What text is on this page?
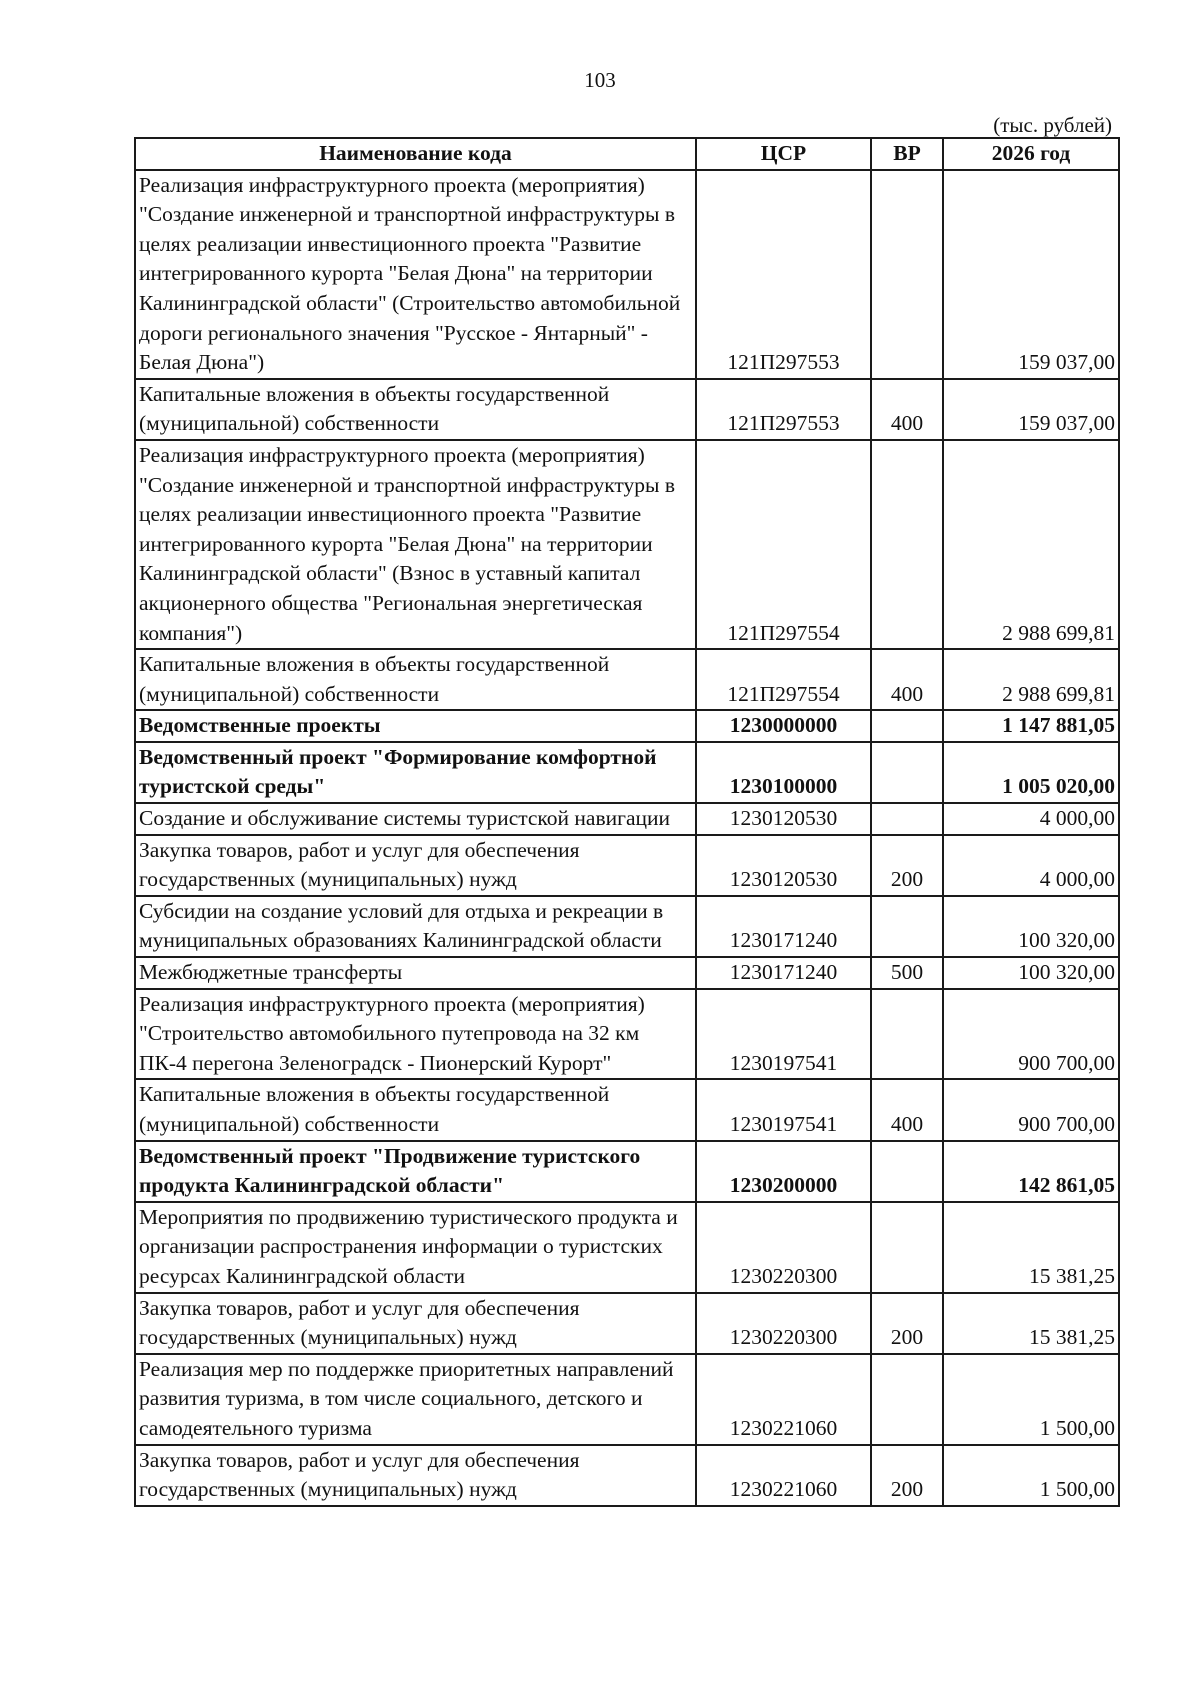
103
(тыс. рублей)
Наименование кода	ЦСР	ВР	2026 год
Реализация инфраструктурного проекта (мероприятия) "Создание инженерной и транспортной инфраструктуры в целях реализации инвестиционного проекта "Развитие интегрированного курорта "Белая Дюна" на территории Калининградской области" (Строительство автомобильной дороги регионального значения "Русское - Янтарный" - Белая Дюна")	121П297553		159 037,00
Капитальные вложения в объекты государственной (муниципальной) собственности	121П297553	400	159 037,00
Реализация инфраструктурного проекта (мероприятия) "Создание инженерной и транспортной инфраструктуры в целях реализации инвестиционного проекта "Развитие интегрированного курорта "Белая Дюна" на территории Калининградской области" (Взнос в уставный капитал акционерного общества "Региональная энергетическая компания")	121П297554		2 988 699,81
Капитальные вложения в объекты государственной (муниципальной) собственности	121П297554	400	2 988 699,81
Ведомственные проекты	1230000000		1 147 881,05
Ведомственный проект "Формирование комфортной туристской среды"	1230100000		1 005 020,00
Создание и обслуживание системы туристской навигации	1230120530		4 000,00
Закупка товаров, работ и услуг для обеспечения государственных (муниципальных) нужд	1230120530	200	4 000,00
Субсидии на создание условий для отдыха и рекреации в муниципальных образованиях Калининградской области	1230171240		100 320,00
Межбюджетные трансферты	1230171240	500	100 320,00
Реализация инфраструктурного проекта (мероприятия) "Строительство автомобильного путепровода на 32 км ПК-4 перегона Зеленоградск - Пионерский Курорт"	1230197541		900 700,00
Капитальные вложения в объекты государственной (муниципальной) собственности	1230197541	400	900 700,00
Ведомственный проект "Продвижение туристского продукта Калининградской области"	1230200000		142 861,05
Мероприятия по продвижению туристического продукта и организации распространения информации о туристских ресурсах Калининградской области	1230220300		15 381,25
Закупка товаров, работ и услуг для обеспечения государственных (муниципальных) нужд	1230220300	200	15 381,25
Реализация мер по поддержке приоритетных направлений развития туризма, в том числе социального, детского и самодеятельного туризма	1230221060		1 500,00
Закупка товаров, работ и услуг для обеспечения государственных (муниципальных) нужд	1230221060	200	1 500,00
